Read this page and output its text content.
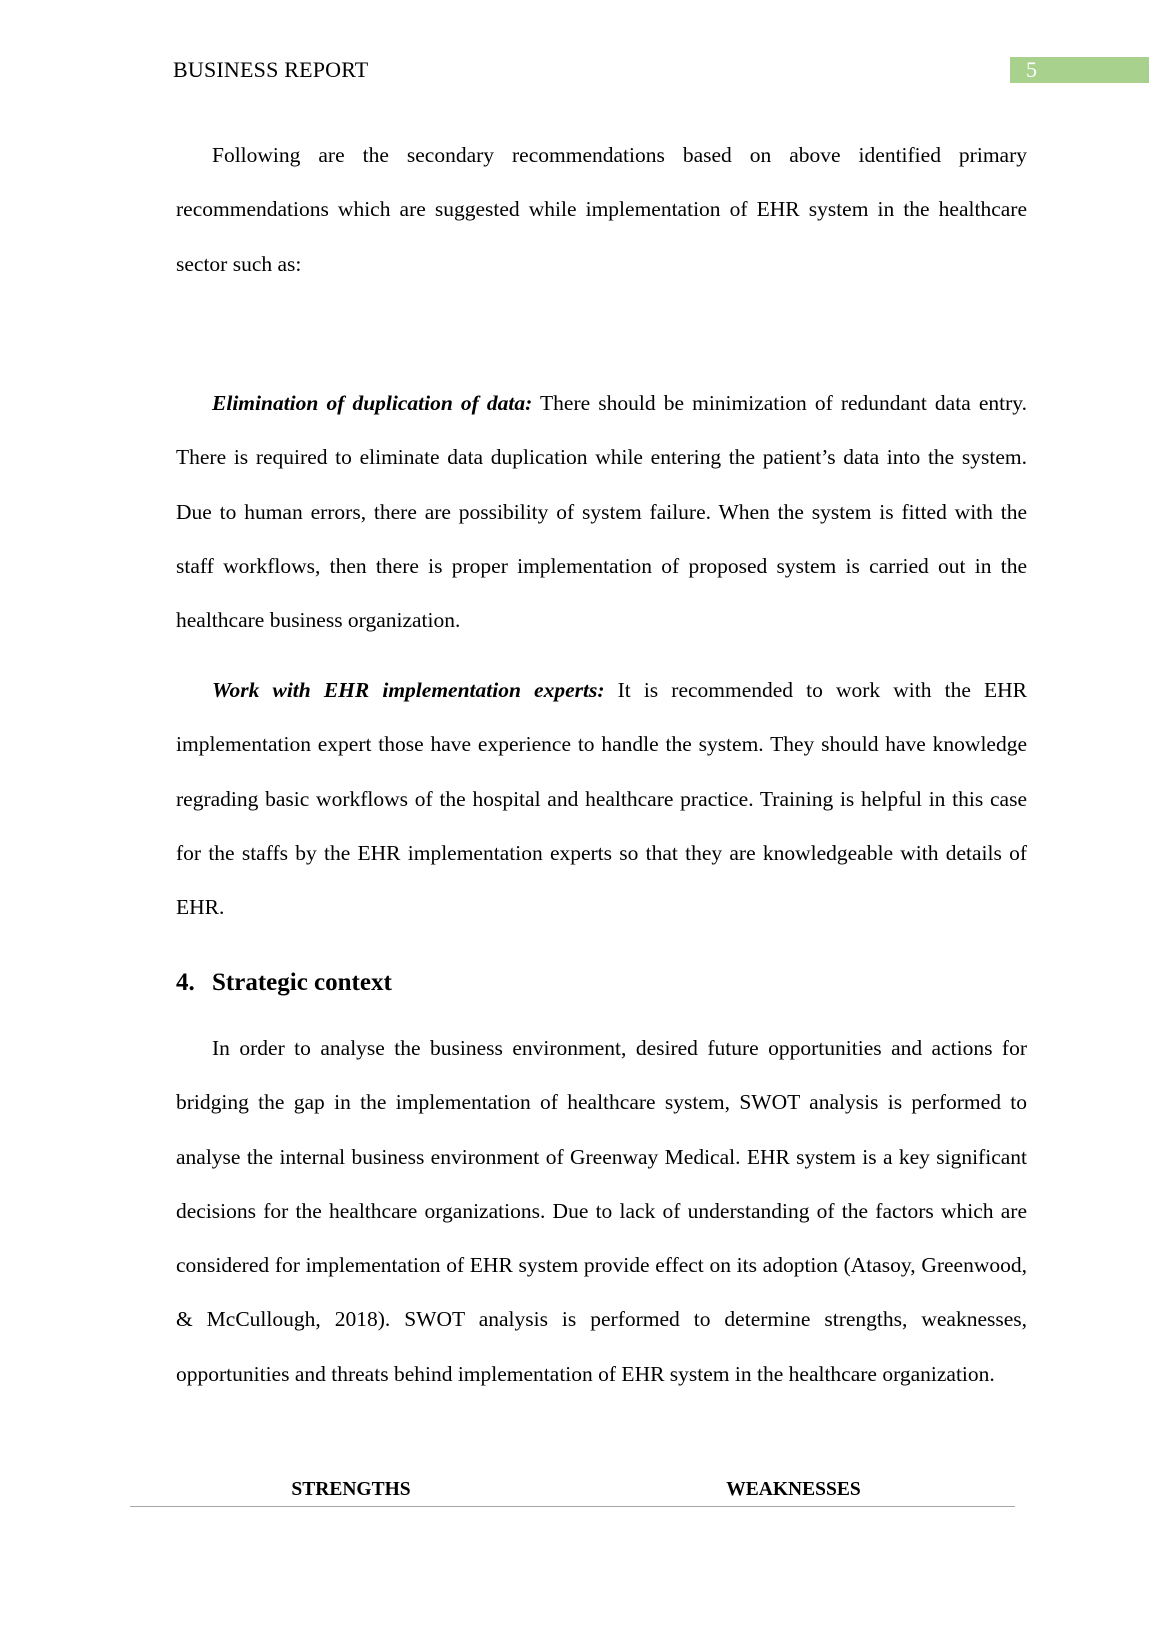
BUSINESS REPORT	5

Following are the secondary recommendations based on above identified primary recommendations which are suggested while implementation of EHR system in the healthcare sector such as:

Elimination of duplication of data: There should be minimization of redundant data entry. There is required to eliminate data duplication while entering the patient’s data into the system. Due to human errors, there are possibility of system failure. When the system is fitted with the staff workflows, then there is proper implementation of proposed system is carried out in the healthcare business organization.

Work with EHR implementation experts: It is recommended to work with the EHR implementation expert those have experience to handle the system. They should have knowledge regrading basic workflows of the hospital and healthcare practice. Training is helpful in this case for the staffs by the EHR implementation experts so that they are knowledgeable with details of EHR.

4. Strategic context

In order to analyse the business environment, desired future opportunities and actions for bridging the gap in the implementation of healthcare system, SWOT analysis is performed to analyse the internal business environment of Greenway Medical. EHR system is a key significant decisions for the healthcare organizations. Due to lack of understanding of the factors which are considered for implementation of EHR system provide effect on its adoption (Atasoy, Greenwood, & McCullough, 2018). SWOT analysis is performed to determine strengths, weaknesses, opportunities and threats behind implementation of EHR system in the healthcare organization.

STRENGTHS	WEAKNESSES
